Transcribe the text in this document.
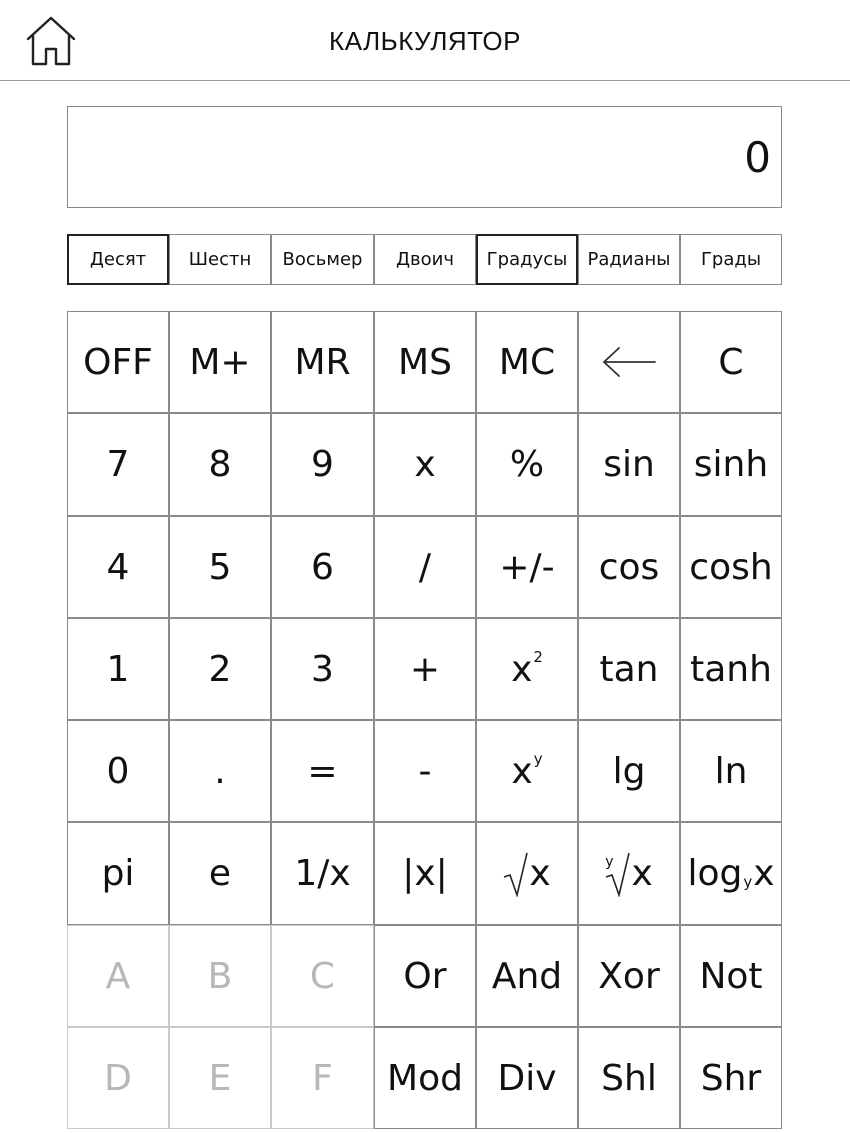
КАЛЬКУЛЯТОР
0
Десят Шестн Восьмер Двоич Градусы Радианы Грады
OFF M+ MR MS MC	C
7 8 9 x % sin sinh
4 5 6 / +/- cos cosh
1 2 $3 + x^2$ tan tanh
0 . = - $x^y$ lg ln
pi e 1/x |x| x	y x log y x
A B C Or And Xor Not
D E F Mod Div Shl Shr
